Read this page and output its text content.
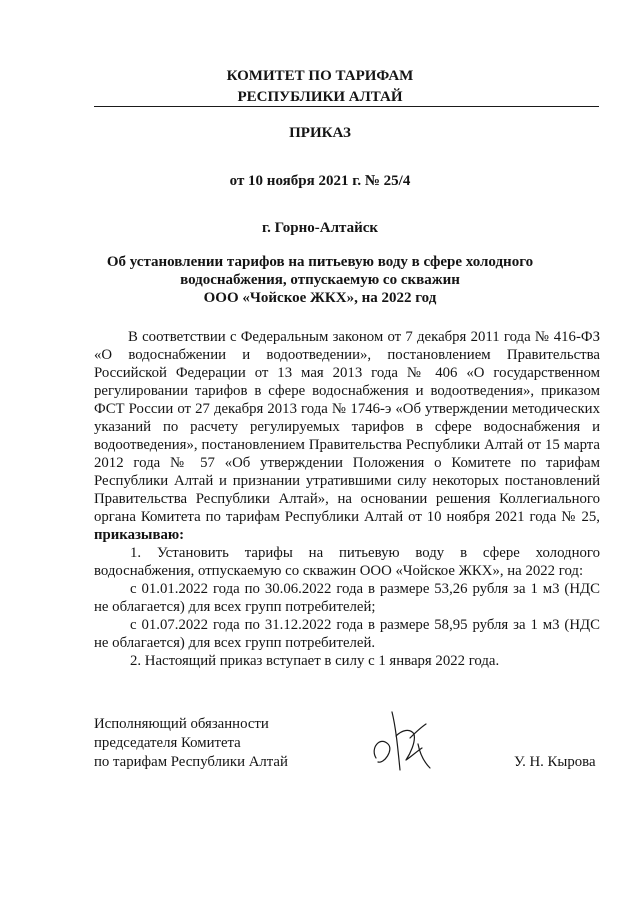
КОМИТЕТ ПО ТАРИФАМ
РЕСПУБЛИКИ АЛТАЙ
ПРИКАЗ
от 10 ноября 2021 г. № 25/4
г. Горно-Алтайск
Об установлении тарифов на питьевую воду в сфере холодного
водоснабжения, отпускаемую со скважин
ООО «Чойское ЖКХ», на 2022 год

В соответствии с Федеральным законом от 7 декабря 2011 года № 416-ФЗ «О водоснабжении и водоотведении», постановлением Правительства Российской Федерации от 13 мая 2013 года № 406 «О государственном регулировании тарифов в сфере водоснабжения и водоотведения», приказом ФСТ России от 27 декабря 2013 года № 1746-э «Об утверждении методических указаний по расчету регулируемых тарифов в сфере водоснабжения и водоотведения», постановлением Правительства Республики Алтай от 15 марта 2012 года № 57 «Об утверждении Положения о Комитете по тарифам Республики Алтай и признании утратившими силу некоторых постановлений Правительства Республики Алтай», на основании решения Коллегиального органа Комитета по тарифам Республики Алтай от 10 ноября 2021 года № 25, приказываю:

1. Установить тарифы на питьевую воду в сфере холодного водоснабжения, отпускаемую со скважин ООО «Чойское ЖКХ», на 2022 год:

с 01.01.2022 года по 30.06.2022 года в размере 53,26 рубля за 1 м3 (НДС не облагается) для всех групп потребителей;

с 01.07.2022 года по 31.12.2022 года в размере 58,95 рубля за 1 м3 (НДС не облагается) для всех групп потребителей.

2. Настоящий приказ вступает в силу с 1 января 2022 года.

Исполняющий обязанности
председателя Комитета
по тарифам Республики Алтай	У. Н. Кырова
